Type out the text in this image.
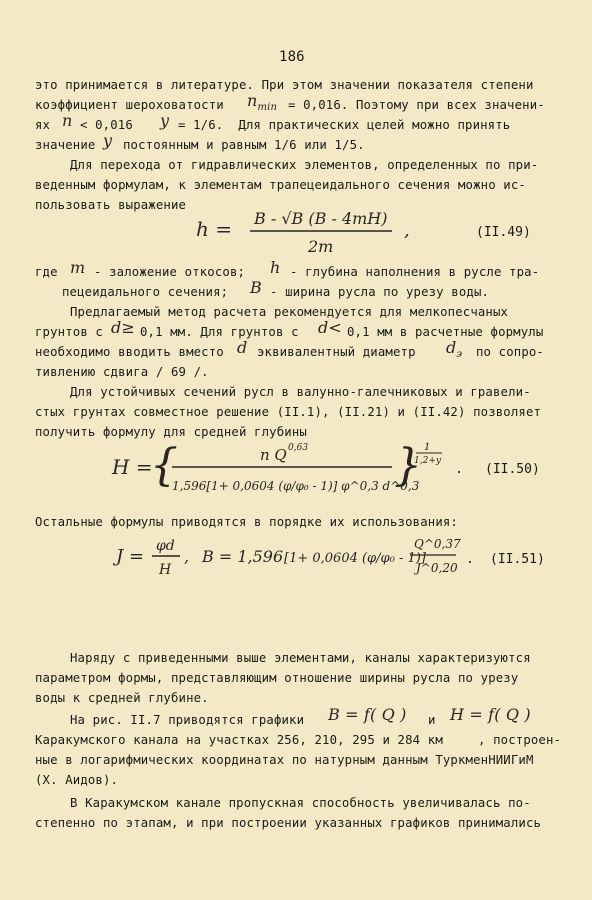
186
это принимается в литературе. При этом значении показателя степени
коэффициент шероховатости $n_{min} = 0,016$. Поэтому при всех значени-
ях n < 0,016 y = 1/6.  Для практических целей можно принять
значение y постоянным и равным 1/6 или 1/5.
Для перехода от гидравлических элементов, определенных по при-
веденным формулам, к элементам трапецеидального сечения можно ис-
пользовать выражение
h = B - √B (B - 4mH)
2m
,	(II.49)
где m - заложение откосов; h - глубина наполнения в русле тра-
пецеидального сечения; B - ширина русла по урезу воды.
Предлагаемый метод расчета рекомендуется для мелкопесчаных
грунтов с d≥ 0,1 мм. Для грунтов с d< 0,1 мм в расчетные формулы
необходимо вводить вместо d эквивалентный диаметр $d_э$ по сопро-
тивлению сдвига / 69 /.
Для устойчивых сечений русл в валунно-галечниковых и гравели-
стых грунтах совместное решение (II.1), (II.21) и (II.42) позволяет
получить формулу для средней глубины
H =
{	n Q 0,63
1,596[1+ 0,0604 (φ/φ₀ - 1)] φ^0,3 d^0,3
} 1
1,2+y
. (II.50)
Остальные формулы приводятся в порядке их использования:
J = φd
H
, B = 1,596 [1+ 0,0604 (φ/φ₀ - 1)]
Q^0,37
J^0,20
. (II.51)
Наряду с приведенными выше элементами, каналы характеризуются
параметром формы, представляющим отношение ширины русла по урезу
воды к средней глубине.
На рис. II.7 приводятся графики B = f( Q ) и H = f( Q )
Каракумского канала на участках 256, 210, 295 и 284 км	, построен-
ные в логарифмических координатах по натурным данным ТуркменНИИГиМ
(Х. Аидов).
В Каракумском канале пропускная способность увеличивалась по-
степенно по этапам, и при построении указанных графиков принимались
